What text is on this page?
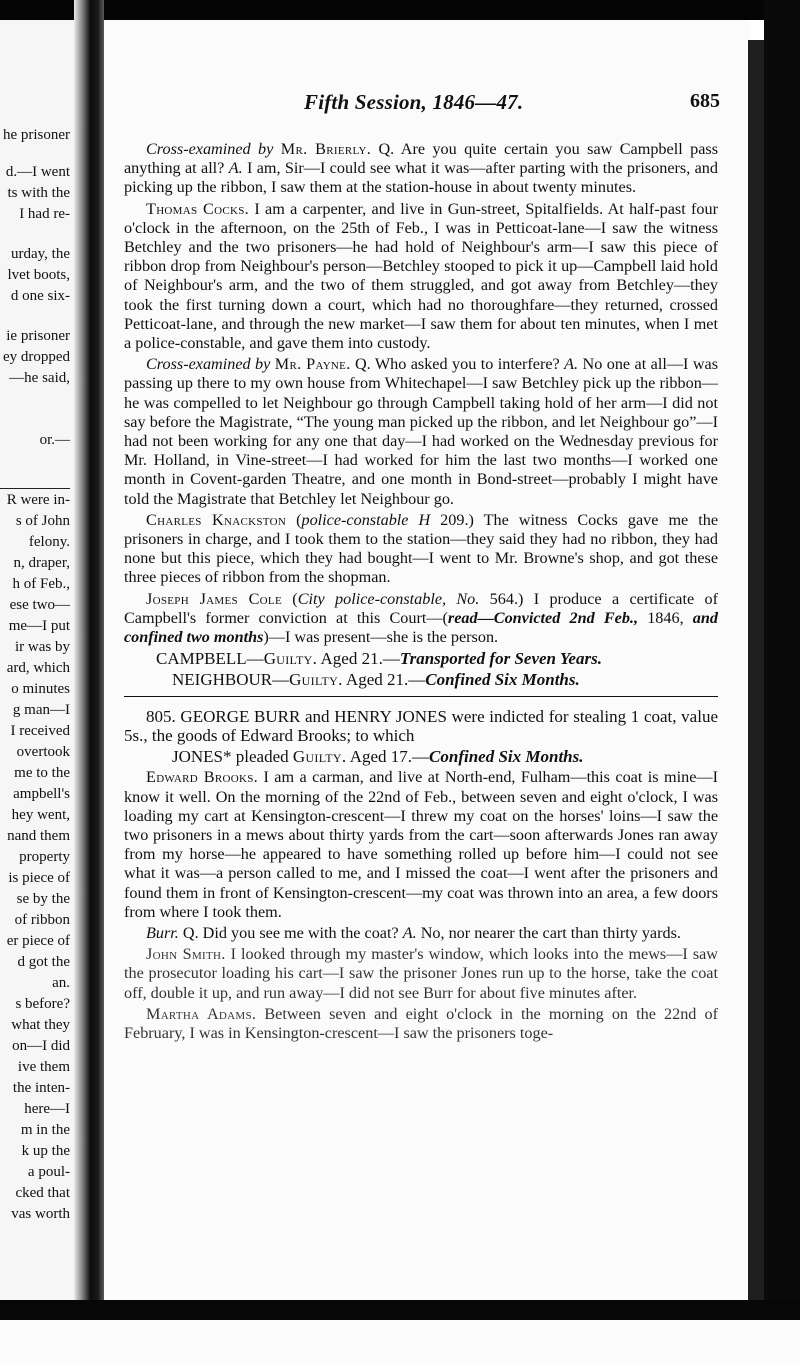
he prisoner
d.—I went
ts with the
I had re-
urday, the
lvet boots,
d one six-
ie prisoner
ey dropped
—he said,
or.—
R were in-
s of John
felony.
n, draper,
h of Feb.,
ese two—
me—I put
ir was by
ard, which
o minutes
g man—I
I received
overtook
me to the
ampbell's
hey went,
nand them
property
is piece of
se by the
of ribbon
er piece of
d got the
an.
s before?
what they
on—I did
ive them
the inten-
here—I
m in the
k up the
a poul-
cked that
vas worth
Fifth Session, 1846—47.	685

Cross-examined by Mr. Brierly. Q. Are you quite certain you saw Campbell pass anything at all? A. I am, Sir—I could see what it was—after parting with the prisoners, and picking up the ribbon, I saw them at the station-house in about twenty minutes.

Thomas Cocks. I am a carpenter, and live in Gun-street, Spitalfields. At half-past four o'clock in the afternoon, on the 25th of Feb., I was in Petticoat-lane—I saw the witness Betchley and the two prisoners—he had hold of Neighbour's arm—I saw this piece of ribbon drop from Neighbour's person—Betchley stooped to pick it up—Campbell laid hold of Neighbour's arm, and the two of them struggled, and got away from Betchley—they took the first turning down a court, which had no thoroughfare—they returned, crossed Petticoat-lane, and through the new market—I saw them for about ten minutes, when I met a police-constable, and gave them into custody.

Cross-examined by Mr. Payne. Q. Who asked you to interfere? A. No one at all—I was passing up there to my own house from Whitechapel—I saw Betchley pick up the ribbon—he was compelled to let Neighbour go through Campbell taking hold of her arm—I did not say before the Magistrate, “The young man picked up the ribbon, and let Neighbour go”—I had not been working for any one that day—I had worked on the Wednesday previous for Mr. Holland, in Vine-street—I had worked for him the last two months—I worked one month in Covent-garden Theatre, and one month in Bond-street—probably I might have told the Magistrate that Betchley let Neighbour go.

Charles Knackston (police-constable H 209.) The witness Cocks gave me the prisoners in charge, and I took them to the station—they said they had no ribbon, they had none but this piece, which they had bought—I went to Mr. Browne's shop, and got these three pieces of ribbon from the shopman.

Joseph James Cole (City police-constable, No. 564.) I produce a certificate of Campbell's former conviction at this Court—(read—Convicted 2nd Feb., 1846, and confined two months)—I was present—she is the person.

CAMPBELL—Guilty. Aged 21.—Transported for Seven Years.

NEIGHBOUR—Guilty. Aged 21.—Confined Six Months.

805. GEORGE BURR and HENRY JONES were indicted for stealing 1 coat, value 5s., the goods of Edward Brooks; to which

JONES* pleaded Guilty. Aged 17.—Confined Six Months.

Edward Brooks. I am a carman, and live at North-end, Fulham—this coat is mine—I know it well. On the morning of the 22nd of Feb., between seven and eight o'clock, I was loading my cart at Kensington-crescent—I threw my coat on the horses' loins—I saw the two prisoners in a mews about thirty yards from the cart—soon afterwards Jones ran away from my horse—he appeared to have something rolled up before him—I could not see what it was—a person called to me, and I missed the coat—I went after the prisoners and found them in front of Kensington-crescent—my coat was thrown into an area, a few doors from where I took them.

Burr. Q. Did you see me with the coat? A. No, nor nearer the cart than thirty yards.

John Smith. I looked through my master's window, which looks into the mews—I saw the prosecutor loading his cart—I saw the prisoner Jones run up to the horse, take the coat off, double it up, and run away—I did not see Burr for about five minutes after.

Martha Adams. Between seven and eight o'clock in the morning on the 22nd of February, I was in Kensington-crescent—I saw the prisoners toge-
